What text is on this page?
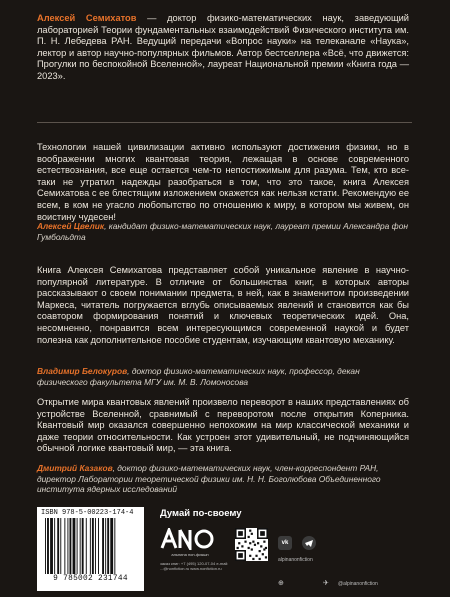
Алексей Семихатов — доктор физико-математических наук, заведующий лабораторией Теории фундаментальных взаимодействий Физического института им. П. Н. Лебедева РАН. Ведущий передачи «Вопрос науки» на телеканале «Наука», лектор и автор научно-популярных фильмов. Автор бестселлера «Всё, что движется: Прогулки по беспокойной Вселенной», лауреат Национальной премии «Книга года — 2023».

Технологии нашей цивилизации активно используют достижения физики, но в воображении многих квантовая теория, лежащая в основе современного естествознания, все еще остается чем-то непостижимым для разума. Тем, кто все-таки не утратил надежды разобраться в том, что это такое, книга Алексея Семихатова с ее блестящим изложением окажется как нельзя кстати. Рекомендую ее всем, в ком не угасло любопытство по отношению к миру, в котором мы живем, он воистину чудесен!

Алексей Цвелик, кандидат физико-математических наук, лауреат премии Александра фон Гумбольдта

Книга Алексея Семихатова представляет собой уникальное явление в научно-популярной литературе. В отличие от большинства книг, в которых авторы рассказывают о своем понимании предмета, в ней, как в знаменитом произведении Маркеса, читатель погружается вглубь описываемых явлений и становится как бы соавтором формирования понятий и ключевых теоретических идей. Она, несомненно, понравится всем интересующимся современной наукой и будет полезна как дополнительное пособие студентам, изучающим квантовую механику.

Владимир Белокуров, доктор физико-математических наук, профессор, декан физического факультета МГУ им. М. В. Ломоносова

Открытие мира квантовых явлений произвело переворот в наших представлениях об устройстве Вселенной, сравнимый с переворотом после открытия Коперника. Квантовый мир оказался совершенно непохожим на мир классической механики и даже теории относительности. Как устроен этот удивительный, не подчиняющийся обычной логике квантовый мир, — эта книга.

Дмитрий Казаков, доктор физико-математических наук, член-корреспондент РАН, директор Лаборатории теоретической физики им. Н. Н. Боголюбова Объединенного института ядерных исследований
ISBN 978-5-00223-174-4
9 785002 231744
Думай по-своему
альпина нон-фикшн
заказ книг: +7 (495) 120-07-04 e-mail: ...@nonfiction.ru www.nonfiction.ru
vk
alpinanonfiction
@alpinanonfiction
✈
⊕
